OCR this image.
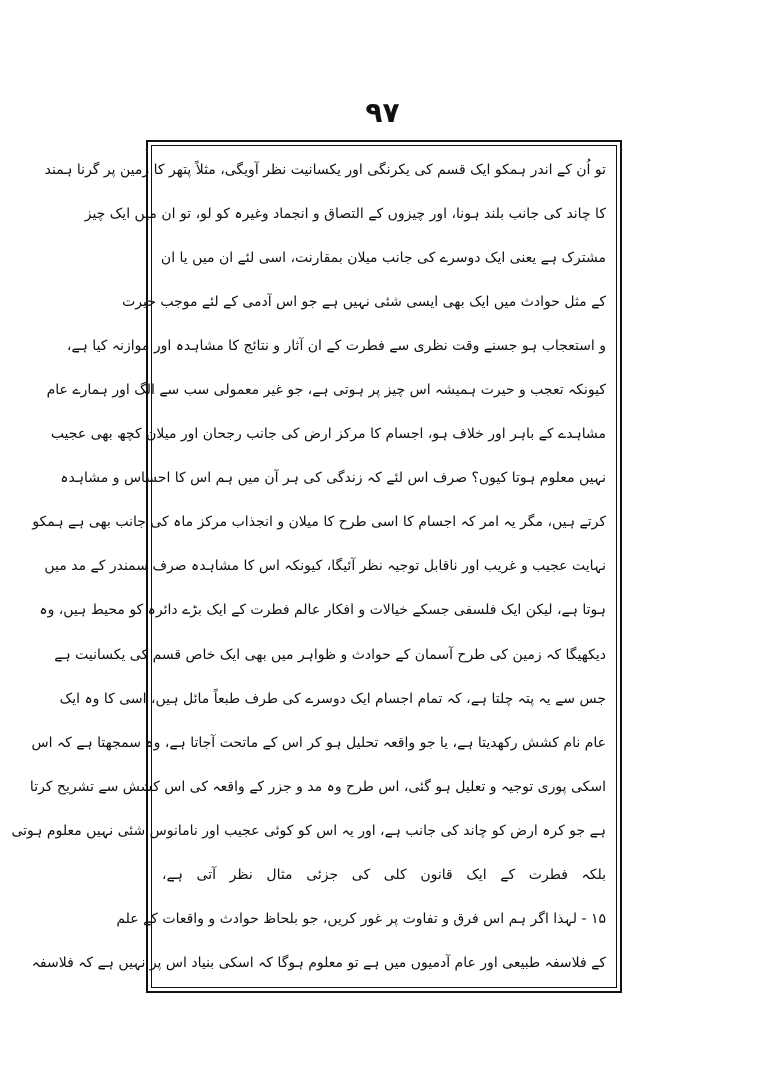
۹۷
تو اُن کے اندر ہمکو ایک قسم کی یکرنگی اور یکسانیت نظر آویگی، مثلاً پتھر کا زمین پر گرنا ہمند
کا چاند کی جانب بلند ہونا، اور چیزوں کے التصاق و انجماد وغیرہ کو لو، تو ان میں ایک چیز
مشترک ہے یعنی ایک دوسرے کی جانب میلان بمقارنت، اسی لئے ان میں یا ان
کے مثل حوادث میں ایک بھی ایسی شئی نہیں ہے جو اس آدمی کے لئے موجب حیرت
و استعجاب ہو جسنے وقت نظری سے فطرت کے ان آثار و نتائج کا مشاہدہ اور موازنہ کیا ہے،
کیونکہ تعجب و حیرت ہمیشہ اس چیز پر ہوتی ہے، جو غیر معمولی سب سے الگ اور ہمارے عام
مشاہدے کے باہر اور خلاف ہو، اجسام کا مرکز ارض کی جانب رجحان اور میلان کچھ بھی عجیب
نہیں معلوم ہوتا کیوں؟ صرف اس لئے کہ زندگی کی ہر آن میں ہم اس کا احساس و مشاہدہ
کرتے ہیں، مگر یہ امر کہ اجسام کا اسی طرح کا میلان و انجذاب مرکز ماہ کی جانب بھی ہے ہمکو
نہایت عجیب و غریب اور ناقابل توجیہ نظر آئیگا، کیونکہ اس کا مشاہدہ صرف سمندر کے مد میں
ہوتا ہے، لیکن ایک فلسفی جسکے خیالات و افکار عالم فطرت کے ایک بڑے دائرہ کو محیط ہیں، وہ
دیکھیگا کہ زمین کی طرح آسمان کے حوادث و ظواہر میں بھی ایک خاص قسم کی یکسانیت ہے
جس سے یہ پتہ چلتا ہے، کہ تمام اجسام ایک دوسرے کی طرف طبعاً مائل ہیں، اسی کا وہ ایک
عام نام کشش رکھدیتا ہے، یا جو واقعہ تحلیل ہو کر اس کے ماتحت آجاتا ہے، وہ سمجھتا ہے کہ اس
اسکی پوری توجیہ و تعلیل ہو گئی، اس طرح وہ مد و جزر کے واقعہ کی اس کشش سے تشریح کرتا
ہے جو کرہ ارض کو چاند کی جانب ہے، اور یہ اس کو کوئی عجیب اور نامانوس شئی نہیں معلوم ہوتی
بلکہ فطرت کے ایک قانون کلی کی جزئی مثال نظر آتی ہے،
۱۵ - لہذا اگر ہم اس فرق و تفاوت پر غور کریں، جو بلحاظ حوادث و واقعات کے علم
کے فلاسفہ طبیعی اور عام آدمیوں میں ہے تو معلوم ہوگا کہ اسکی بنیاد اس پر نہیں ہے کہ فلاسفہ
